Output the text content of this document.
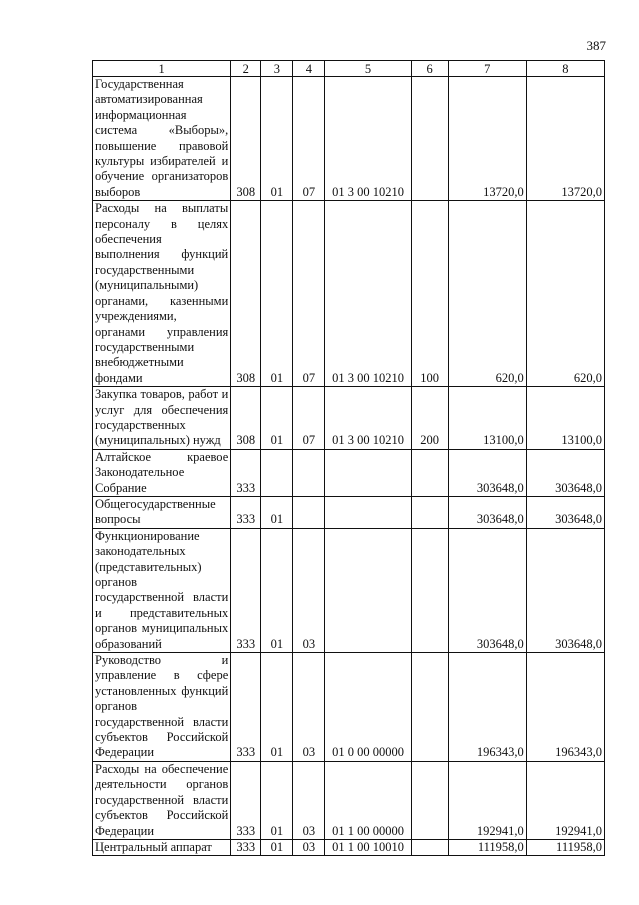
387
1	2	3	4	5	6	7	8

Государственная автоматизированная информационная система «Выборы», повышение правовой культуры избирателей и обучение организаторов выборов	308	01	07	01 3 00 10210		13720,0	13720,0

Расходы на выплаты персоналу в целях обеспечения выполнения функций государственными (муниципальными) органами, казенными учреждениями, органами управления государственными внебюджетными фондами	308	01	07	01 3 00 10210	100	620,0	620,0

Закупка товаров, работ и услуг для обеспечения государственных (муниципальных) нужд	308	01	07	01 3 00 10210	200	13100,0	13100,0

Алтайское краевое Законодательное Собрание	333					303648,0	303648,0

Общегосударственные вопросы	333	01				303648,0	303648,0

Функционирование законодательных (представительных) органов государственной власти и представительных органов муниципальных образований	333	01	03			303648,0	303648,0

Руководство и управление в сфере установленных функций органов государственной власти субъектов Российской Федерации	333	01	03	01 0 00 00000		196343,0	196343,0

Расходы на обеспечение деятельности органов государственной власти субъектов Российской Федерации	333	01	03	01 1 00 00000		192941,0	192941,0

Центральный аппарат	333	01	03	01 1 00 10010		111958,0	111958,0
